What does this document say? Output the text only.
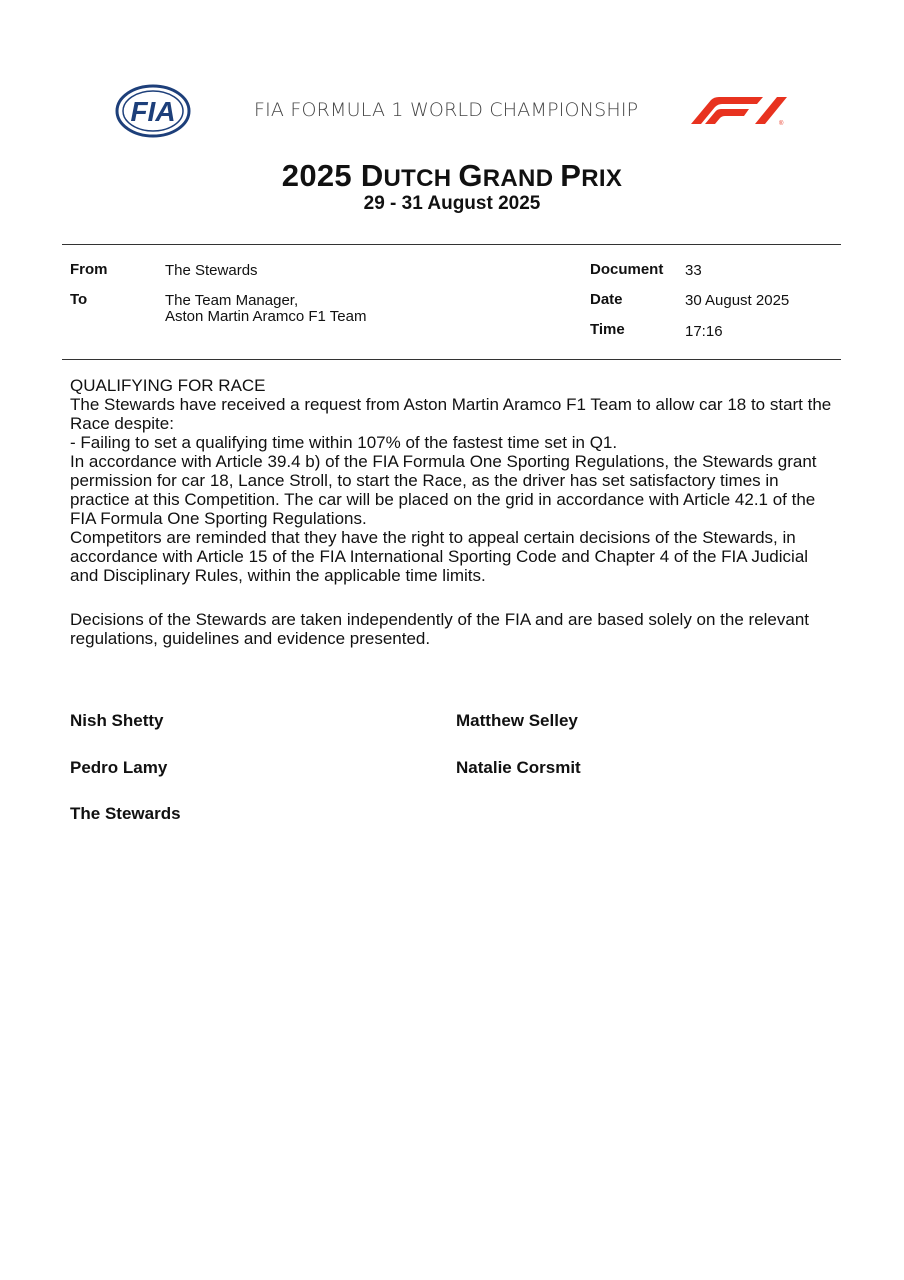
FIA	FIA FORMULA 1 WORLD CHAMPIONSHIP
®
2025 DUTCH GRAND PRIX
29 - 31 August 2025
From	The Stewards
To	The Team Manager,
Aston Martin Aramco F1 Team
Document 33
Date	30 August 2025
Time	17:16

QUALIFYING FOR RACE

The Stewards have received a request from Aston Martin Aramco F1 Team to allow car 18 to start the Race despite:

- Failing to set a qualifying time within 107% of the fastest time set in Q1.

In accordance with Article 39.4 b) of the FIA Formula One Sporting Regulations, the Stewards grant permission for car 18, Lance Stroll, to start the Race, as the driver has set satisfactory times in practice at this Competition. The car will be placed on the grid in accordance with Article 42.1 of the FIA Formula One Sporting Regulations.

Competitors are reminded that they have the right to appeal certain decisions of the Stewards, in accordance with Article 15 of the FIA International Sporting Code and Chapter 4 of the FIA Judicial and Disciplinary Rules, within the applicable time limits.

Decisions of the Stewards are taken independently of the FIA and are based solely on the relevant regulations, guidelines and evidence presented.
Nish Shetty	Matthew Selley
Pedro Lamy	Natalie Corsmit
The Stewards
